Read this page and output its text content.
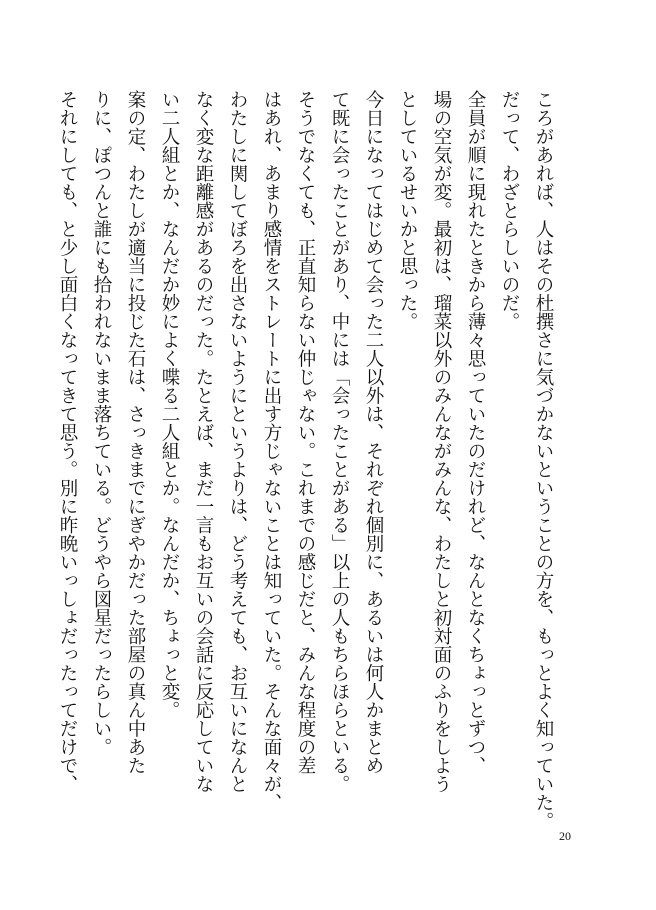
ころがあれば、人はその杜撰さに気づかないということの方を、もっとよく知っていた。
だって、わざとらしいのだ。
全員が順に現れたときから薄々思っていたのだけれど、なんとなくちょっとずつ、
場の空気が変。最初は、瑠菜以外のみんながみんな、わたしと初対面のふりをしよう
としているせいかと思った。
今日になってはじめて会った二人以外は、それぞれ個別に、あるいは何人かまとめ
て既に会ったことがあり、中には「会ったことがある」以上の人もちらほらといる。
そうでなくても、正直知らない仲じゃない。これまでの感じだと、みんな程度の差
はあれ、あまり感情をストレートに出す方じゃないことは知っていた。そんな面々が、
わたしに関してぼろを出さないようにというよりは、どう考えても、お互いになんと
なく変な距離感があるのだった。たとえば、まだ一言もお互いの会話に反応していな
い二人組とか、なんだか妙によく喋る二人組とか。なんだか、ちょっと変。
案の定、わたしが適当に投じた石は、さっきまでにぎやかだった部屋の真ん中あた
りに、ぽつんと誰にも拾われないまま落ちている。どうやら図星だったらしい。
それにしても、と少し面白くなってきて思う。別に昨晩いっしょだったってだけで、
20
